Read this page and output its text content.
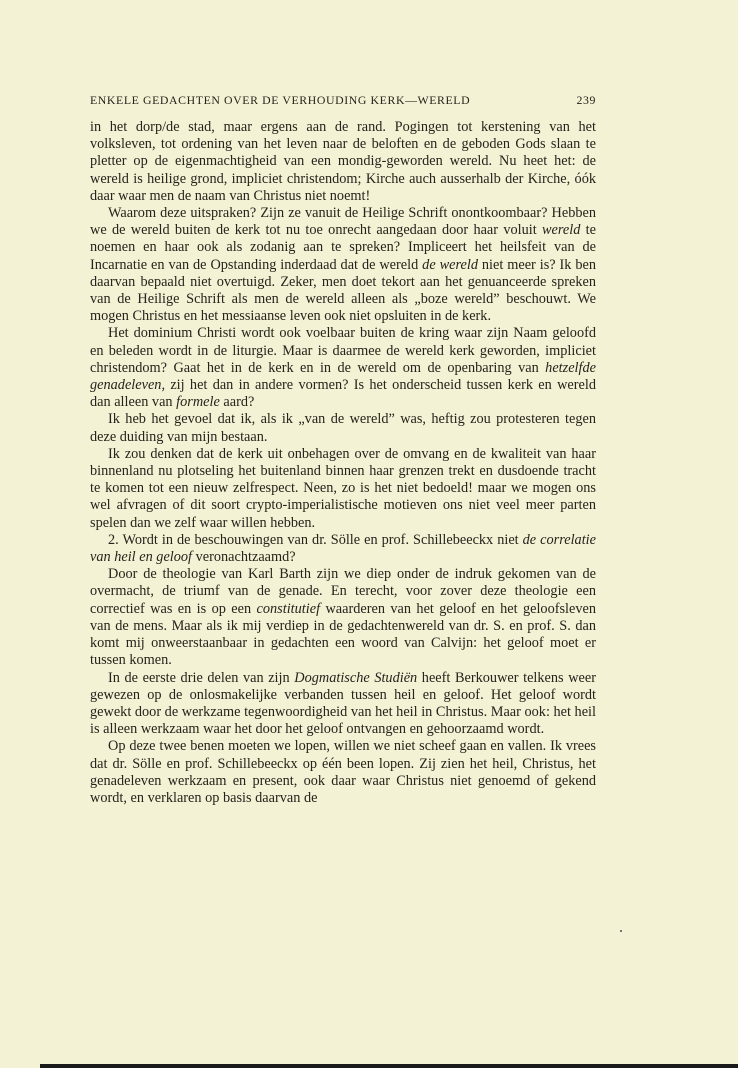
ENKELE GEDACHTEN OVER DE VERHOUDING KERK—WERELD	239

in het dorp/de stad, maar ergens aan de rand. Pogingen tot kerstening van het volksleven, tot ordening van het leven naar de beloften en de geboden Gods slaan te pletter op de eigenmachtigheid van een mondig-geworden wereld. Nu heet het: de wereld is heilige grond, impliciet christendom; Kirche auch ausserhalb der Kirche, óók daar waar men de naam van Christus niet noemt!

Waarom deze uitspraken? Zijn ze vanuit de Heilige Schrift onontkoombaar? Hebben we de wereld buiten de kerk tot nu toe onrecht aangedaan door haar voluit wereld te noemen en haar ook als zodanig aan te spreken? Impliceert het heilsfeit van de Incarnatie en van de Opstanding inderdaad dat de wereld de wereld niet meer is? Ik ben daarvan bepaald niet overtuigd. Zeker, men doet tekort aan het genuanceerde spreken van de Heilige Schrift als men de wereld alleen als „boze wereld” beschouwt. We mogen Christus en het messiaanse leven ook niet opsluiten in de kerk.

Het dominium Christi wordt ook voelbaar buiten de kring waar zijn Naam geloofd en beleden wordt in de liturgie. Maar is daarmee de wereld kerk geworden, impliciet christendom? Gaat het in de kerk en in de wereld om de openbaring van hetzelfde genadeleven, zij het dan in andere vormen? Is het onderscheid tussen kerk en wereld dan alleen van formele aard?

Ik heb het gevoel dat ik, als ik „van de wereld” was, heftig zou protesteren tegen deze duiding van mijn bestaan.

Ik zou denken dat de kerk uit onbehagen over de omvang en de kwaliteit van haar binnenland nu plotseling het buitenland binnen haar grenzen trekt en dusdoende tracht te komen tot een nieuw zelfrespect. Neen, zo is het niet bedoeld! maar we mogen ons wel afvragen of dit soort crypto-imperialistische motieven ons niet veel meer parten spelen dan we zelf waar willen hebben.

2. Wordt in de beschouwingen van dr. Sölle en prof. Schillebeeckx niet de correlatie van heil en geloof veronachtzaamd?

Door de theologie van Karl Barth zijn we diep onder de indruk gekomen van de overmacht, de triumf van de genade. En terecht, voor zover deze theologie een correctief was en is op een constitutief waarderen van het geloof en het geloofsleven van de mens. Maar als ik mij verdiep in de gedachtenwereld van dr. S. en prof. S. dan komt mij onweerstaanbaar in gedachten een woord van Calvijn: het geloof moet er tussen komen.

In de eerste drie delen van zijn Dogmatische Studiën heeft Berkouwer telkens weer gewezen op de onlosmakelijke verbanden tussen heil en geloof. Het geloof wordt gewekt door de werkzame tegenwoordigheid van het heil in Christus. Maar ook: het heil is alleen werkzaam waar het door het geloof ontvangen en gehoorzaamd wordt.

Op deze twee benen moeten we lopen, willen we niet scheef gaan en vallen. Ik vrees dat dr. Sölle en prof. Schillebeeckx op één been lopen. Zij zien het heil, Christus, het genadeleven werkzaam en present, ook daar waar Christus niet genoemd of gekend wordt, en verklaren op basis daarvan de
